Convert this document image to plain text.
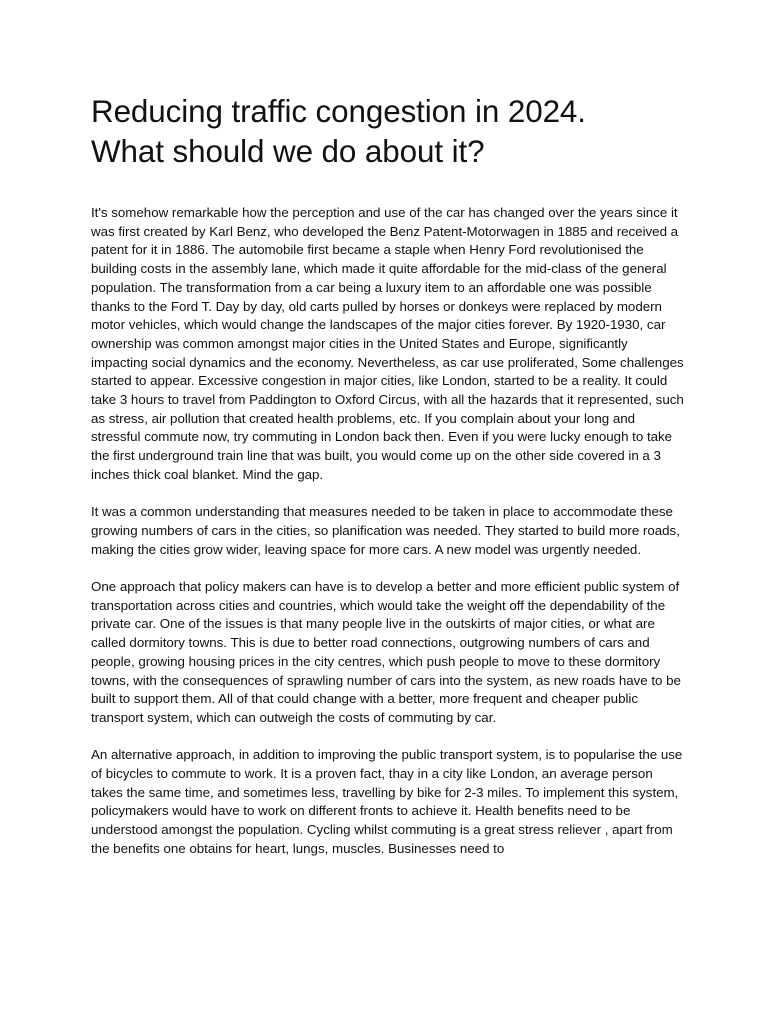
Reducing traffic congestion in 2024.
What should we do about it?

It's somehow remarkable how the perception and use of the car has changed over the years since it was first created by Karl Benz, who developed the Benz Patent-Motorwagen in 1885 and received a patent for it in 1886. The automobile first became a staple when Henry Ford revolutionised the building costs in the assembly lane, which made it quite affordable for the mid-class of the general population. The transformation from a car being a luxury item to an affordable one was possible thanks to the Ford T. Day by day, old carts pulled by horses or donkeys were replaced by modern motor vehicles, which would change the landscapes of the major cities forever. By 1920-1930, car ownership was common amongst major cities in the United States and Europe, significantly impacting social dynamics and the economy. Nevertheless, as car use proliferated, Some challenges started to appear. Excessive congestion in major cities, like London, started to be a reality. It could take 3 hours to travel from Paddington to Oxford Circus, with all the hazards that it represented, such as stress, air pollution that created health problems, etc. If you complain about your long and stressful commute now, try commuting in London back then. Even if you were lucky enough to take the first underground train line that was built, you would come up on the other side covered in a 3 inches thick coal blanket. Mind the gap.

It was a common understanding that measures needed to be taken in place to accommodate these growing numbers of cars in the cities, so planification was needed. They started to build more roads, making the cities grow wider, leaving space for more cars. A new model was urgently needed.

One approach that policy makers can have is to develop a better and more efficient public system of transportation across cities and countries, which would take the weight off the dependability of the private car. One of the issues is that many people live in the outskirts of major cities, or what are called dormitory towns. This is due to better road connections, outgrowing numbers of cars and people, growing housing prices in the city centres, which push people to move to these dormitory towns, with the consequences of sprawling number of cars into the system, as new roads have to be built to support them. All of that could change with a better, more frequent and cheaper public transport system, which can outweigh the costs of commuting by car.

An alternative approach, in addition to improving the public transport system, is to popularise the use of bicycles to commute to work. It is a proven fact, thay in a city like London, an average person takes the same time, and sometimes less, travelling by bike for 2-3 miles. To implement this system, policymakers would have to work on different fronts to achieve it. Health benefits need to be understood amongst the population. Cycling whilst commuting is a great stress reliever , apart from the benefits one obtains for heart, lungs, muscles. Businesses need to
